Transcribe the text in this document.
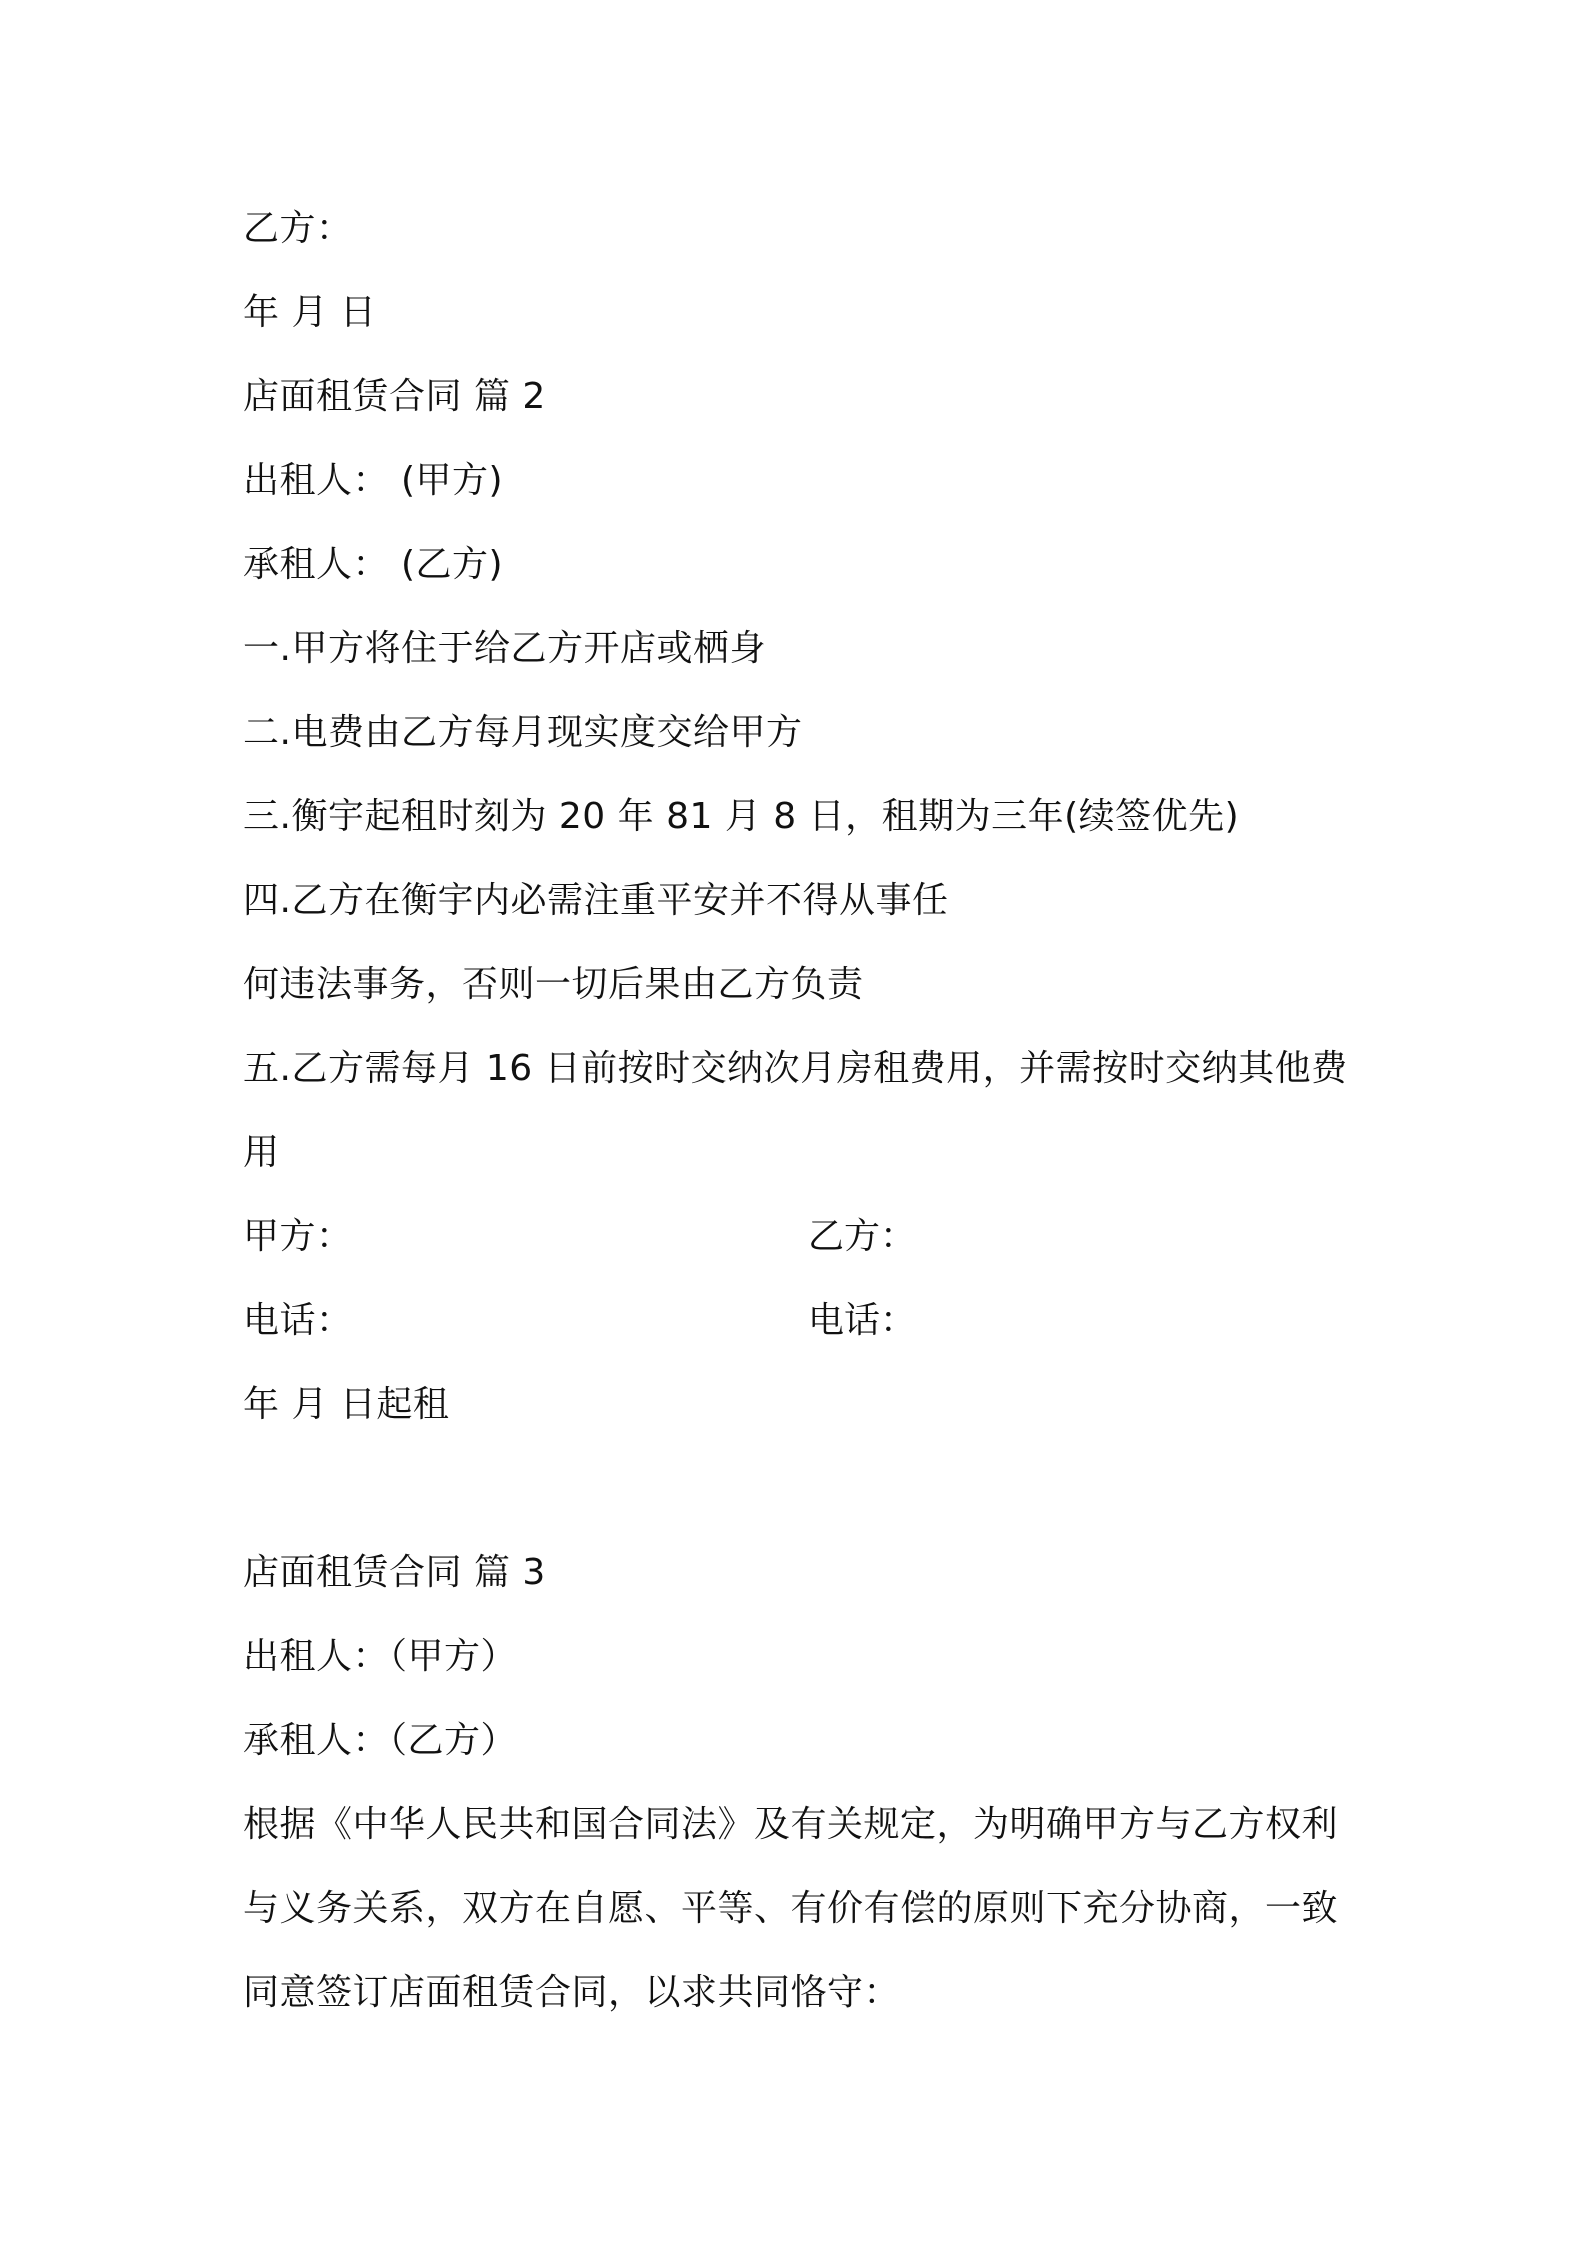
乙方：
年 月 日
店面租赁合同 篇 2
出租人： (甲方)
承租人： (乙方)
一.甲方将住于给乙方开店或栖身
二.电费由乙方每月现实度交给甲方
三.衡宇起租时刻为 20 年 81 月 8 日，租期为三年(续签优先)
四.乙方在衡宇内必需注重平安并不得从事任
何违法事务，否则一切后果由乙方负责
五.乙方需每月 16 日前按时交纳次月房租费用，并需按时交纳其他费
用
甲方：	乙方：
电话：	电话：
年 月 日起租
店面租赁合同 篇 3
出租人：（甲方）
承租人：（乙方）
根据《中华人民共和国合同法》及有关规定，为明确甲方与乙方权利
与义务关系，双方在自愿、平等、有价有偿的原则下充分协商，一致
同意签订店面租赁合同，以求共同恪守：
